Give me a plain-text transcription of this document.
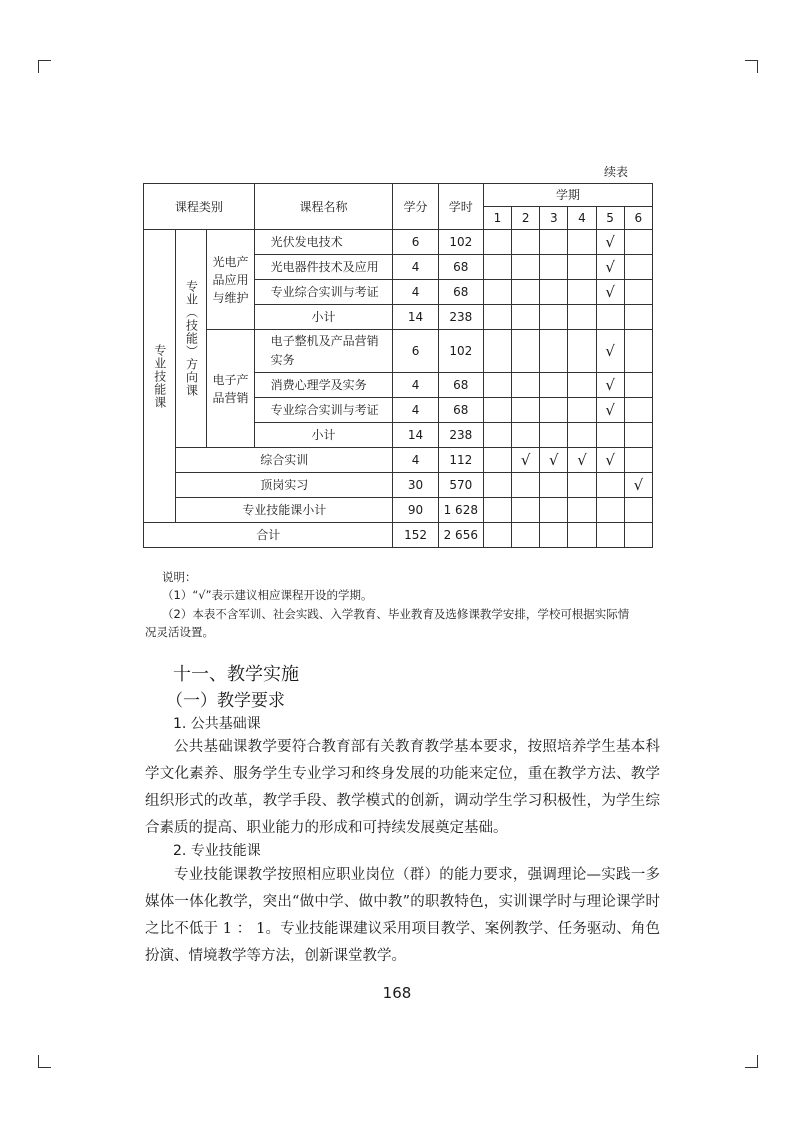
续表
课程类别			课程名称	学分	学时	学期					
						1	2	3	4	5	6

专业技能课	专业（技能）方向课	光电产品应用与维护	光伏发电技术	6	102					√	
			光电器件技术及应用	4	68					√	
			专业综合实训与考证	4	68					√	
			小计	14	238						

		电子产品营销	电子整机及产品营销实务	6	102					√	
			消费心理学及实务	4	68					√	
			专业综合实训与考证	4	68					√	
			小计	14	238						
	综合实训			4	112		√	√	√	√	
	顶岗实习			30	570						√
	专业技能课小计			90	1 628						
合计				152	2 656						
说明：
（1）“√”表示建议相应课程开设的学期。
（2）本表不含军训、社会实践、入学教育、毕业教育及选修课教学安排，学校可根据实际情
况灵活设置。
十一、教学实施
（一）教学要求
1. 公共基础课
公共基础课教学要符合教育部有关教育教学基本要求，按照培养学生基本科学文化素养、服务学生专业学习和终身发展的功能来定位，重在教学方法、教学组织形式的改革，教学手段、教学模式的创新，调动学生学习积极性，为学生综合素质的提高、职业能力的形成和可持续发展奠定基础。
2. 专业技能课
专业技能课教学按照相应职业岗位（群）的能力要求，强调理论—实践一多媒体一体化教学，突出“做中学、做中教”的职教特色，实训课学时与理论课学时之比不低于 1 ： 1。专业技能课建议采用项目教学、案例教学、任务驱动、角色扮演、情境教学等方法，创新课堂教学。
168
